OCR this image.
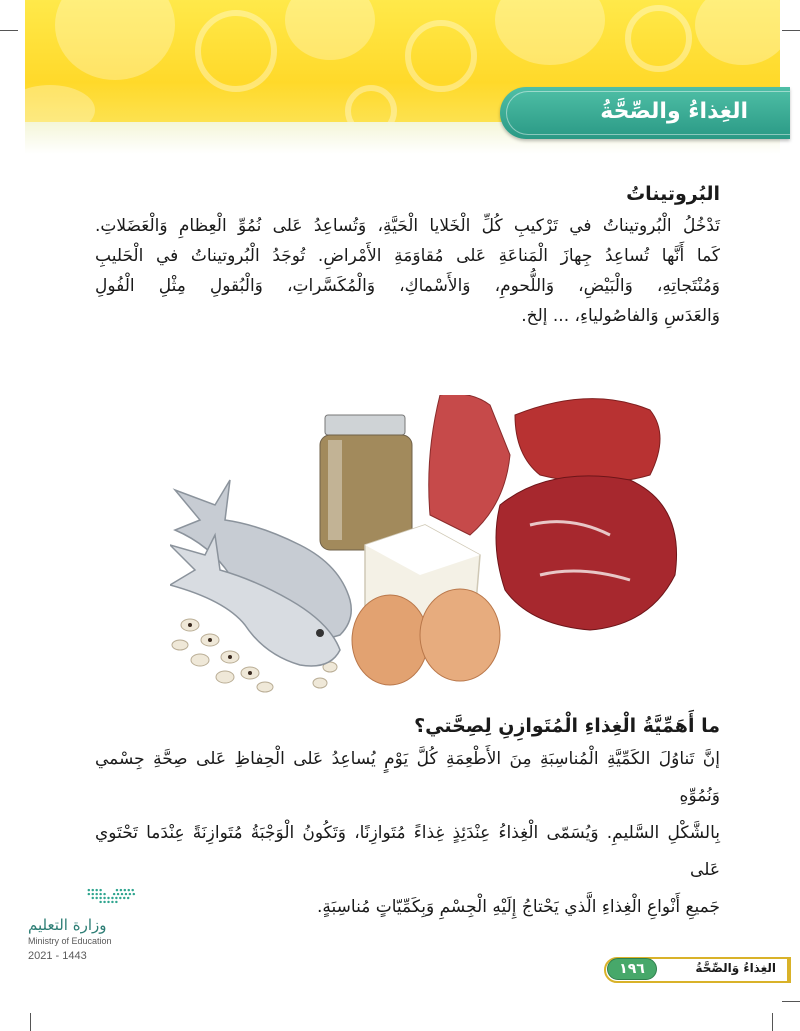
الغِذاءُ والصِّحَّةُ
البُروتيناتُ
تَدْخُلُ الْبُروتيناتُ في تَرْكيبِ كُلِّ الْخَلايا الْحَيَّةِ، وَتُساعِدُ عَلى نُمُوِّ الْعِظامِ وَالْعَضَلاتِ.
كَما أَنَّها تُساعِدُ جِهازَ الْمَناعَةِ عَلى مُقاوَمَةِ الأَمْراضِ. تُوجَدُ الْبُروتيناتُ في الْحَليبِ
وَمُنْتَجاتِهِ، وَالْبَيْضِ، وَاللُّحومِ، وَالأَسْماكِ، وَالْمُكَسَّراتِ، وَالْبُقولِ مِثْلِ الْفُولِ
وَالعَدَسِ وَالفاصُولياءِ، ... إلخ.
ما أَهَمِّيَّةُ الْغِذاءِ الْمُتَوازِنِ لِصِحَّتي؟
إنَّ تَناوُلَ الكَمِّيَّةِ الْمُناسِبَةِ مِنَ الأَطْعِمَةِ كُلَّ يَوْمٍ يُساعِدُ عَلى الْحِفاظِ عَلى صِحَّةِ جِسْمي وَنُمُوِّهِ
بِالشَّكْلِ السَّليمِ. وَيُسَمّى الْغِذاءُ عِنْدَئِذٍ غِذاءً مُتَوازِنًا، وَتَكُونُ الْوَجْبَةُ مُتَوازِنَةً عِنْدَما تَحْتَوي عَلى
جَميعِ أَنْواعِ الْغِذاءِ الَّذي يَحْتاجُ إِلَيْهِ الْجِسْمِ وَبِكَمِّيّاتٍ مُناسِبَةٍ.
وزارة التعليم
Ministry of Education
2021 - 1443
١٩٦	الغِذاءُ وَالصِّحَّةُ
